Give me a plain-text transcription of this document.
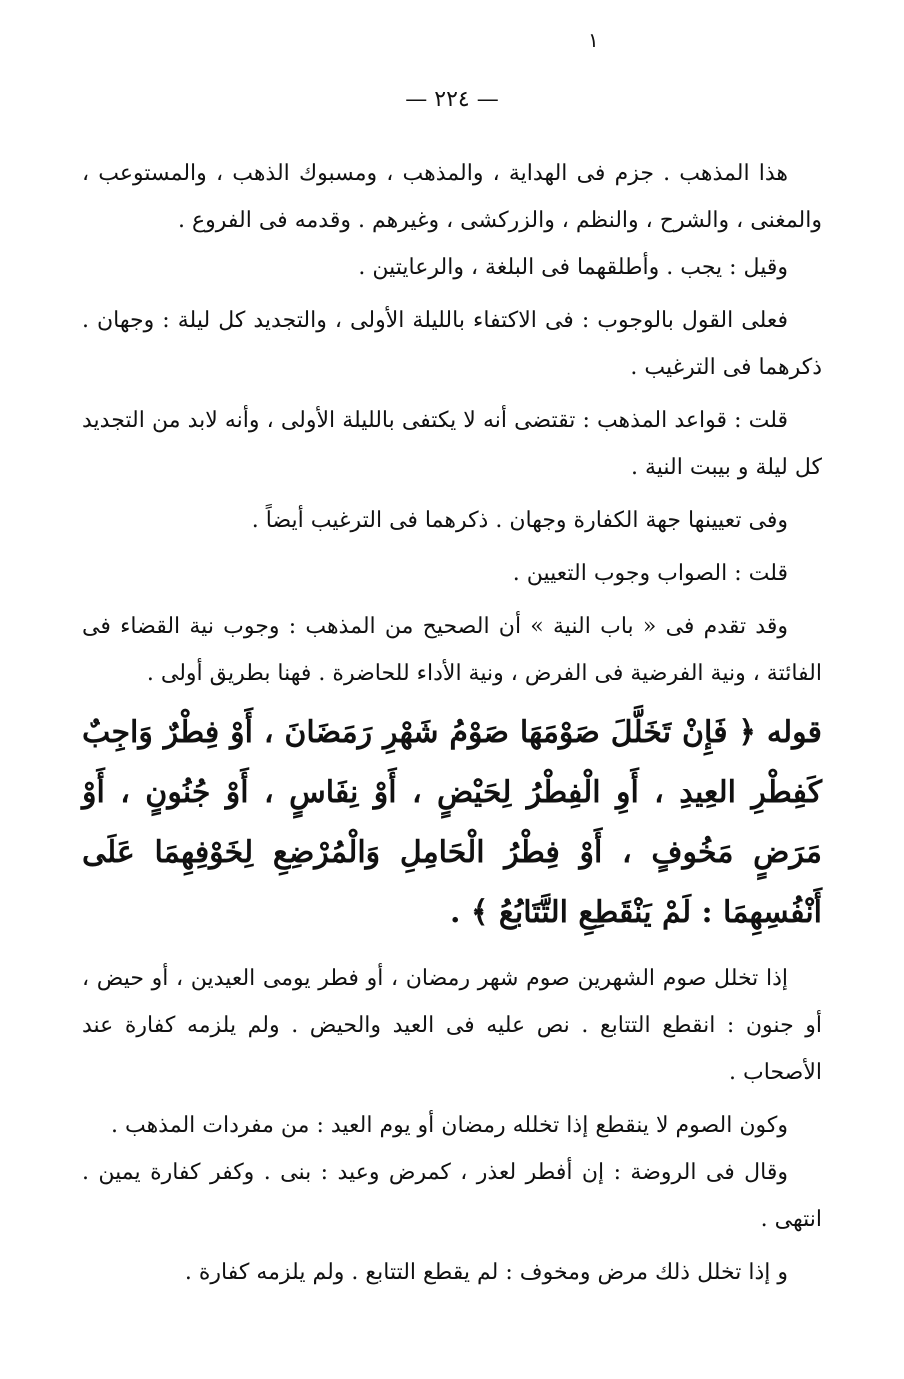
١
— ٢٢٤ —

هذا المذهب . جزم فى الهداية ، والمذهب ، ومسبوك الذهب ، والمستوعب ، والمغنى ، والشرح ، والنظم ، والزركشى ، وغيرهم . وقدمه فى الفروع .

وقيل : يجب . وأطلقهما فى البلغة ، والرعايتين .

فعلى القول بالوجوب : فى الاكتفاء بالليلة الأولى ، والتجديد كل ليلة : وجهان . ذكرهما فى الترغيب .

قلت : قواعد المذهب : تقتضى أنه لا يكتفى بالليلة الأولى ، وأنه لابد من التجديد كل ليلة و بيبت النية .

وفى تعيينها جهة الكفارة وجهان . ذكرهما فى الترغيب أيضاً .

قلت : الصواب وجوب التعيين .

وقد تقدم فى « باب النية » أن الصحيح من المذهب : وجوب نية القضاء فى الفائتة ، ونية الفرضية فى الفرض ، ونية الأداء للحاضرة . فهنا بطريق أولى .

قوله ﴿ فَإِنْ تَخَلَّلَ صَوْمَهَا صَوْمُ شَهْرِ رَمَضَانَ ، أَوْ فِطْرٌ وَاجِبٌ كَفِطْرِ العِيدِ ، أَوِ الْفِطْرُ لِحَيْضٍ ، أَوْ نِفَاسٍ ، أَوْ جُنُونٍ ، أَوْ مَرَضٍ مَخُوفٍ ، أَوْ فِطْرُ الْحَامِلِ وَالْمُرْضِعِ لِخَوْفِهِمَا عَلَى أَنْفُسِهِمَا : لَمْ يَنْقَطِعِ التَّتَابُعُ ﴾ .

إذا تخلل صوم الشهرين صوم شهر رمضان ، أو فطر يومى العيدين ، أو حيض ، أو جنون : انقطع التتابع . نص عليه فى العيد والحيض . ولم يلزمه كفارة عند الأصحاب .

وكون الصوم لا ينقطع إذا تخلله رمضان أو يوم العيد : من مفردات المذهب .

وقال فى الروضة : إن أفطر لعذر ، كمرض وعيد : بنى . وكفر كفارة يمين . انتهى .

و إذا تخلل ذلك مرض ومخوف : لم يقطع التتابع . ولم يلزمه كفارة .
